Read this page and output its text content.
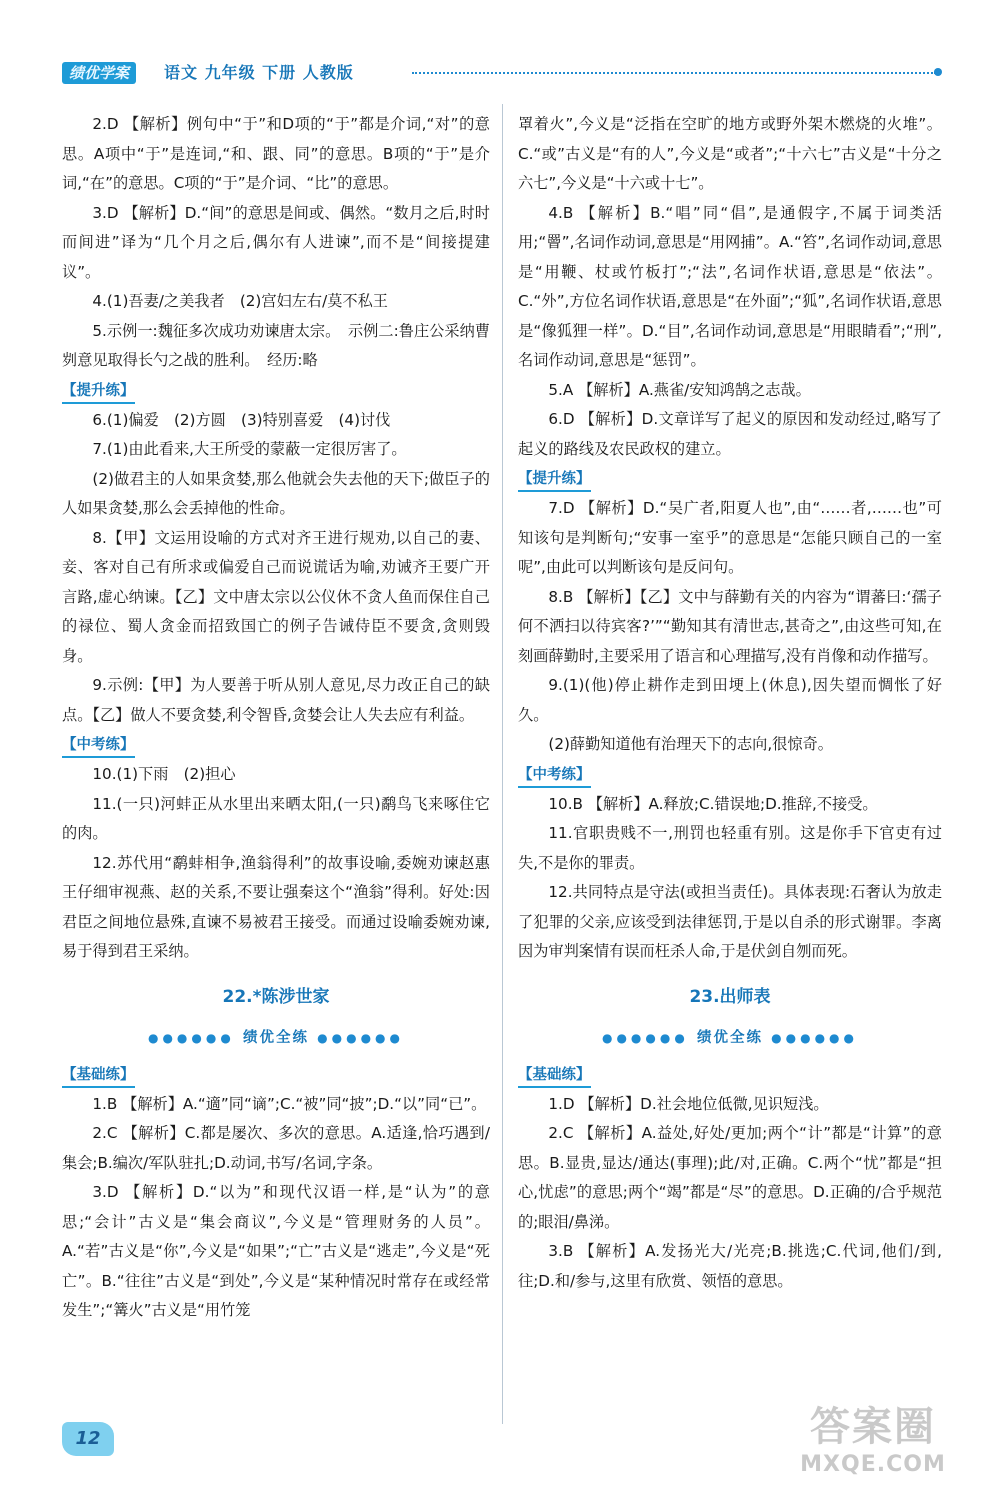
绩优学案	语文 九年级 下册 人教版

2.D 【解析】例句中“于”和D项的“于”都是介词,“对”的意思。A项中“于”是连词,“和、跟、同”的意思。B项的“于”是介词,“在”的意思。C项的“于”是介词、“比”的意思。

3.D 【解析】D.“间”的意思是间或、偶然。“数月之后,时时而间进”译为“几个月之后,偶尔有人进谏”,而不是“间接提建议”。

4.(1)吾妻/之美我者　(2)宫妇左右/莫不私王

5.示例一:魏征多次成功劝谏唐太宗。　示例二:鲁庄公采纳曹刿意见取得长勺之战的胜利。　经历:略

【提升练】

6.(1)偏爱　(2)方圆　(3)特别喜爱　(4)讨伐

7.(1)由此看来,大王所受的蒙蔽一定很厉害了。

(2)做君主的人如果贪婪,那么他就会失去他的天下;做臣子的人如果贪婪,那么会丢掉他的性命。

8.【甲】文运用设喻的方式对齐王进行规劝,以自己的妻、妾、客对自己有所求或偏爱自己而说谎话为喻,劝诫齐王要广开言路,虚心纳谏。【乙】文中唐太宗以公仪休不贪人鱼而保住自己的禄位、蜀人贪金而招致国亡的例子告诫侍臣不要贪,贪则毁身。

9.示例:【甲】为人要善于听从别人意见,尽力改正自己的缺点。【乙】做人不要贪婪,利令智昏,贪婪会让人失去应有利益。

【中考练】

10.(1)下雨　(2)担心

11.(一只)河蚌正从水里出来晒太阳,(一只)鹬鸟飞来啄住它的肉。

12.苏代用“鹬蚌相争,渔翁得利”的故事设喻,委婉劝谏赵惠王仔细审视燕、赵的关系,不要让强秦这个“渔翁”得利。好处:因君臣之间地位悬殊,直谏不易被君王接受。而通过设喻委婉劝谏,易于得到君王采纳。

22.*陈涉世家
●●●●●● 绩优全练 ●●●●●●
【基础练】

1.B 【解析】A.“適”同“谪”;C.“被”同“披”;D.“以”同“已”。

2.C 【解析】C.都是屡次、多次的意思。A.适逢,恰巧遇到/集会;B.编次/军队驻扎;D.动词,书写/名词,字条。

3.D 【解析】D.“以为”和现代汉语一样,是“认为”的意思;“会计”古义是“集会商议”,今义是“管理财务的人员”。A.“若”古义是“你”,今义是“如果”;“亡”古义是“逃走”,今义是“死亡”。B.“往往”古义是“到处”,今义是“某种情况时常存在或经常发生”;“篝火”古义是“用竹笼

罩着火”,今义是“泛指在空旷的地方或野外架木燃烧的火堆”。C.“或”古义是“有的人”,今义是“或者”;“十六七”古义是“十分之六七”,今义是“十六或十七”。

4.B 【解析】B.“唱”同“倡”,是通假字,不属于词类活用;“罾”,名词作动词,意思是“用网捕”。A.“笞”,名词作动词,意思是“用鞭、杖或竹板打”;“法”,名词作状语,意思是“依法”。C.“外”,方位名词作状语,意思是“在外面”;“狐”,名词作状语,意思是“像狐狸一样”。D.“目”,名词作动词,意思是“用眼睛看”;“刑”,名词作动词,意思是“惩罚”。

5.A 【解析】A.燕雀/安知鸿鹄之志哉。

6.D 【解析】D.文章详写了起义的原因和发动经过,略写了起义的路线及农民政权的建立。

【提升练】

7.D 【解析】D.“吴广者,阳夏人也”,由“……者,……也”可知该句是判断句;“安事一室乎”的意思是“怎能只顾自己的一室呢”,由此可以判断该句是反问句。

8.B 【解析】【乙】文中与薛勤有关的内容为“谓蕃曰:‘孺子何不洒扫以待宾客?’”“勤知其有清世志,甚奇之”,由这些可知,在刻画薛勤时,主要采用了语言和心理描写,没有肖像和动作描写。

9.(1)(他)停止耕作走到田埂上(休息),因失望而惆怅了好久。

(2)薛勤知道他有治理天下的志向,很惊奇。

【中考练】

10.B 【解析】A.释放;C.错误地;D.推辞,不接受。

11.官职贵贱不一,刑罚也轻重有别。这是你手下官吏有过失,不是你的罪责。

12.共同特点是守法(或担当责任)。具体表现:石奢认为放走了犯罪的父亲,应该受到法律惩罚,于是以自杀的形式谢罪。李离因为审判案情有误而枉杀人命,于是伏剑自刎而死。

23.出师表
●●●●●● 绩优全练 ●●●●●●
【基础练】

1.D 【解析】D.社会地位低微,见识短浅。

2.C 【解析】A.益处,好处/更加;两个“计”都是“计算”的意思。B.显贵,显达/通达(事理);此/对,正确。C.两个“忧”都是“担心,忧虑”的意思;两个“竭”都是“尽”的意思。D.正确的/合乎规范的;眼泪/鼻涕。

3.B 【解析】A.发扬光大/光亮;B.挑选;C.代词,他们/到,往;D.和/参与,这里有欣赏、领悟的意思。

12	答案圈
MXQE.COM
